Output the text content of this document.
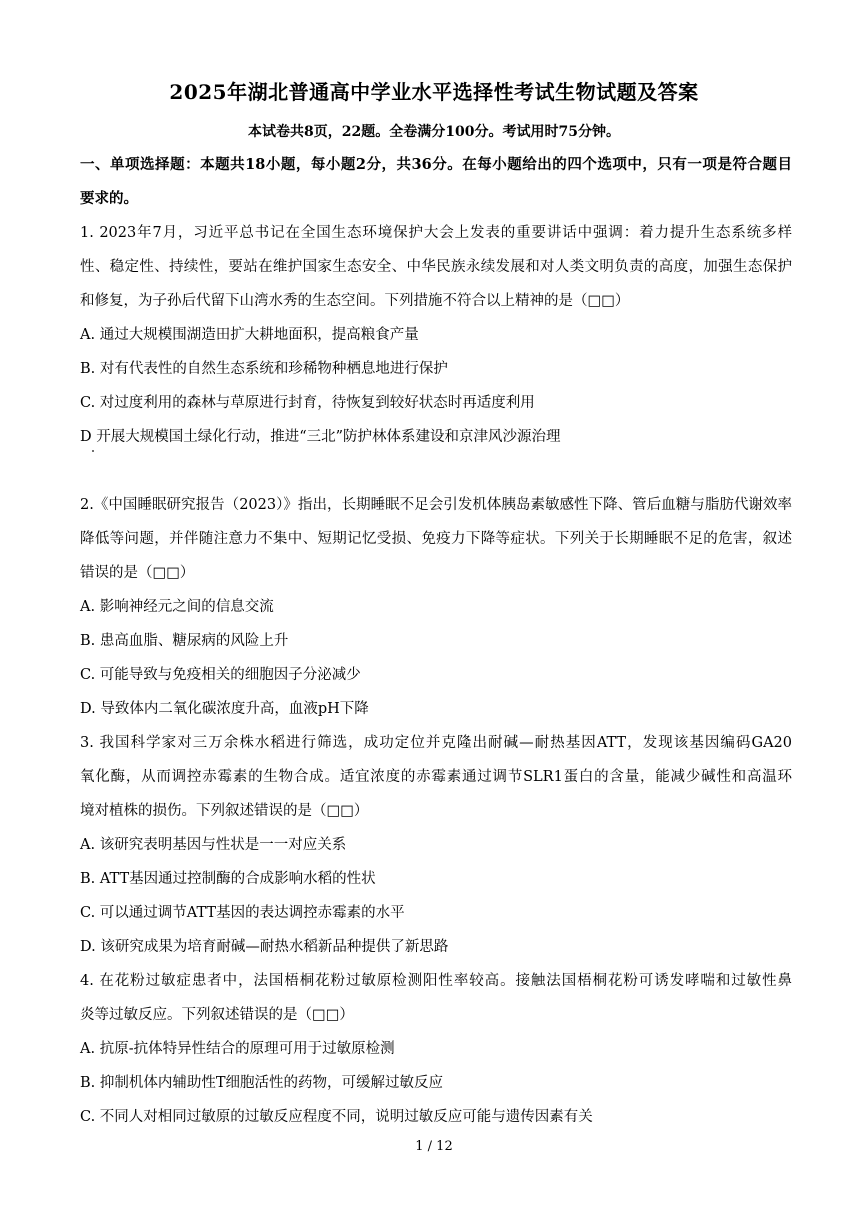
2025年湖北普通高中学业水平选择性考试生物试题及答案
本试卷共8页，22题。全卷满分100分。考试用时75分钟。
一、单项选择题：本题共18小题，每小题2分，共36分。在每小题给出的四个选项中，只有一项是符合题目
要求的。
1. 2023年7月，习近平总书记在全国生态环境保护大会上发表的重要讲话中强调：着力提升生态系统多样
性、稳定性、持续性，要站在维护国家生态安全、中华民族永续发展和对人类文明负责的高度，加强生态保护
和修复，为子孙后代留下山湾水秀的生态空间。下列措施不符合以上精神的是（□□）
A. 通过大规模围湖造田扩大耕地面积，提高粮食产量
B. 对有代表性的自然生态系统和珍稀物种栖息地进行保护
C. 对过度利用的森林与草原进行封育，待恢复到较好状态时再适度利用
D 开展大规模国土绿化行动，推进“三北”防护林体系建设和京津风沙源治理
2.《中国睡眠研究报告（2023）》指出，长期睡眠不足会引发机体胰岛素敏感性下降、管后血糖与脂肪代谢效率
降低等问题，并伴随注意力不集中、短期记忆受损、免疫力下降等症状。下列关于长期睡眠不足的危害，叙述
错误的是（□□）
A. 影响神经元之间的信息交流
B. 患高血脂、糖尿病的风险上升
C. 可能导致与免疫相关的细胞因子分泌减少
D. 导致体内二氧化碳浓度升高，血液pH下降
3. 我国科学家对三万余株水稻进行筛选，成功定位并克隆出耐碱—耐热基因ATT，发现该基因编码GA20
氧化酶，从而调控赤霉素的生物合成。适宜浓度的赤霉素通过调节SLR1蛋白的含量，能减少碱性和高温环
境对植株的损伤。下列叙述错误的是（□□）
A. 该研究表明基因与性状是一一对应关系
B. ATT基因通过控制酶的合成影响水稻的性状
C. 可以通过调节ATT基因的表达调控赤霉素的水平
D. 该研究成果为培育耐碱—耐热水稻新品种提供了新思路
4. 在花粉过敏症患者中，法国梧桐花粉过敏原检测阳性率较高。接触法国梧桐花粉可诱发哮喘和过敏性鼻
炎等过敏反应。下列叙述错误的是（□□）
A. 抗原-抗体特异性结合的原理可用于过敏原检测
B. 抑制机体内辅助性T细胞活性的药物，可缓解过敏反应
C. 不同人对相同过敏原的过敏反应程度不同，说明过敏反应可能与遗传因素有关
1 / 12
